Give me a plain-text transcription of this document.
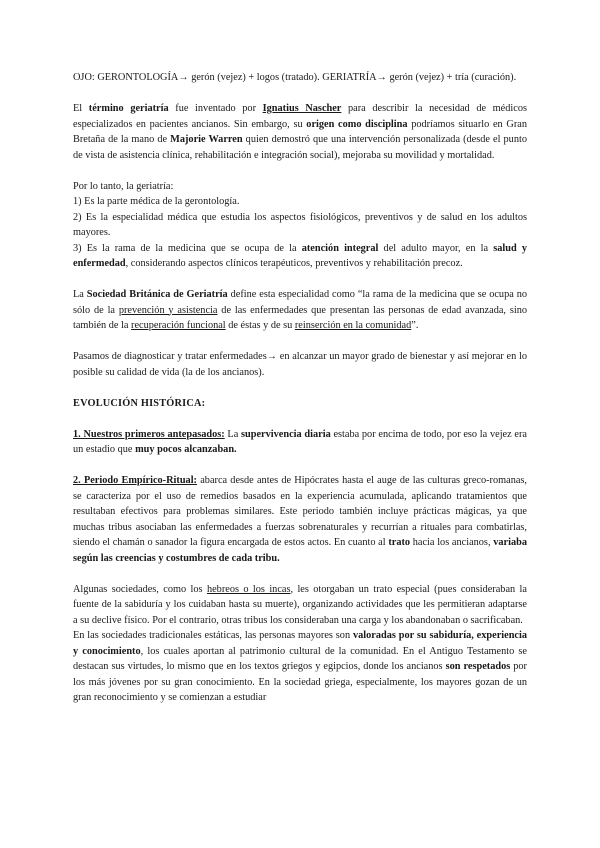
OJO: GERONTOLOGÍA→ gerón (vejez) + logos (tratado). GERIATRÍA→ gerón (vejez) + tría (curación).

El término geriatría fue inventado por Ignatius Nascher para describir la necesidad de médicos especializados en pacientes ancianos. Sin embargo, su origen como disciplina podríamos situarlo en Gran Bretaña de la mano de Majorie Warren quien demostró que una intervención personalizada (desde el punto de vista de asistencia clínica, rehabilitación e integración social), mejoraba su movilidad y mortalidad.

Por lo tanto, la geriatría:

1) Es la parte médica de la gerontología.

2) Es la especialidad médica que estudia los aspectos fisiológicos, preventivos y de salud en los adultos mayores.

3) Es la rama de la medicina que se ocupa de la atención integral del adulto mayor, en la salud y enfermedad, considerando aspectos clínicos terapéuticos, preventivos y rehabilitación precoz.

La Sociedad Británica de Geriatría define esta especialidad como “la rama de la medicina que se ocupa no sólo de la prevención y asistencia de las enfermedades que presentan las personas de edad avanzada, sino también de la recuperación funcional de éstas y de su reinserción en la comunidad”.

Pasamos de diagnosticar y tratar enfermedades→ en alcanzar un mayor grado de bienestar y así mejorar en lo posible su calidad de vida (la de los ancianos).

EVOLUCIÓN HISTÓRICA:

1. Nuestros primeros antepasados: La supervivencia diaria estaba por encima de todo, por eso la vejez era un estadio que muy pocos alcanzaban.

2. Periodo Empírico-Ritual: abarca desde antes de Hipócrates hasta el auge de las culturas greco-romanas, se caracteriza por el uso de remedios basados en la experiencia acumulada, aplicando tratamientos que resultaban efectivos para problemas similares. Este periodo también incluye prácticas mágicas, ya que muchas tribus asociaban las enfermedades a fuerzas sobrenaturales y recurrían a rituales para combatirlas, siendo el chamán o sanador la figura encargada de estos actos. En cuanto al trato hacia los ancianos, variaba según las creencias y costumbres de cada tribu.

Algunas sociedades, como los hebreos o los incas, les otorgaban un trato especial (pues consideraban la fuente de la sabiduría y los cuidaban hasta su muerte), organizando actividades que les permitieran adaptarse a su declive físico. Por el contrario, otras tribus los consideraban una carga y los abandonaban o sacrificaban.

En las sociedades tradicionales estáticas, las personas mayores son valoradas por su sabiduría, experiencia y conocimiento, los cuales aportan al patrimonio cultural de la comunidad. En el Antiguo Testamento se destacan sus virtudes, lo mismo que en los textos griegos y egipcios, donde los ancianos son respetados por los más jóvenes por su gran conocimiento. En la sociedad griega, especialmente, los mayores gozan de un gran reconocimiento y se comienzan a estudiar
